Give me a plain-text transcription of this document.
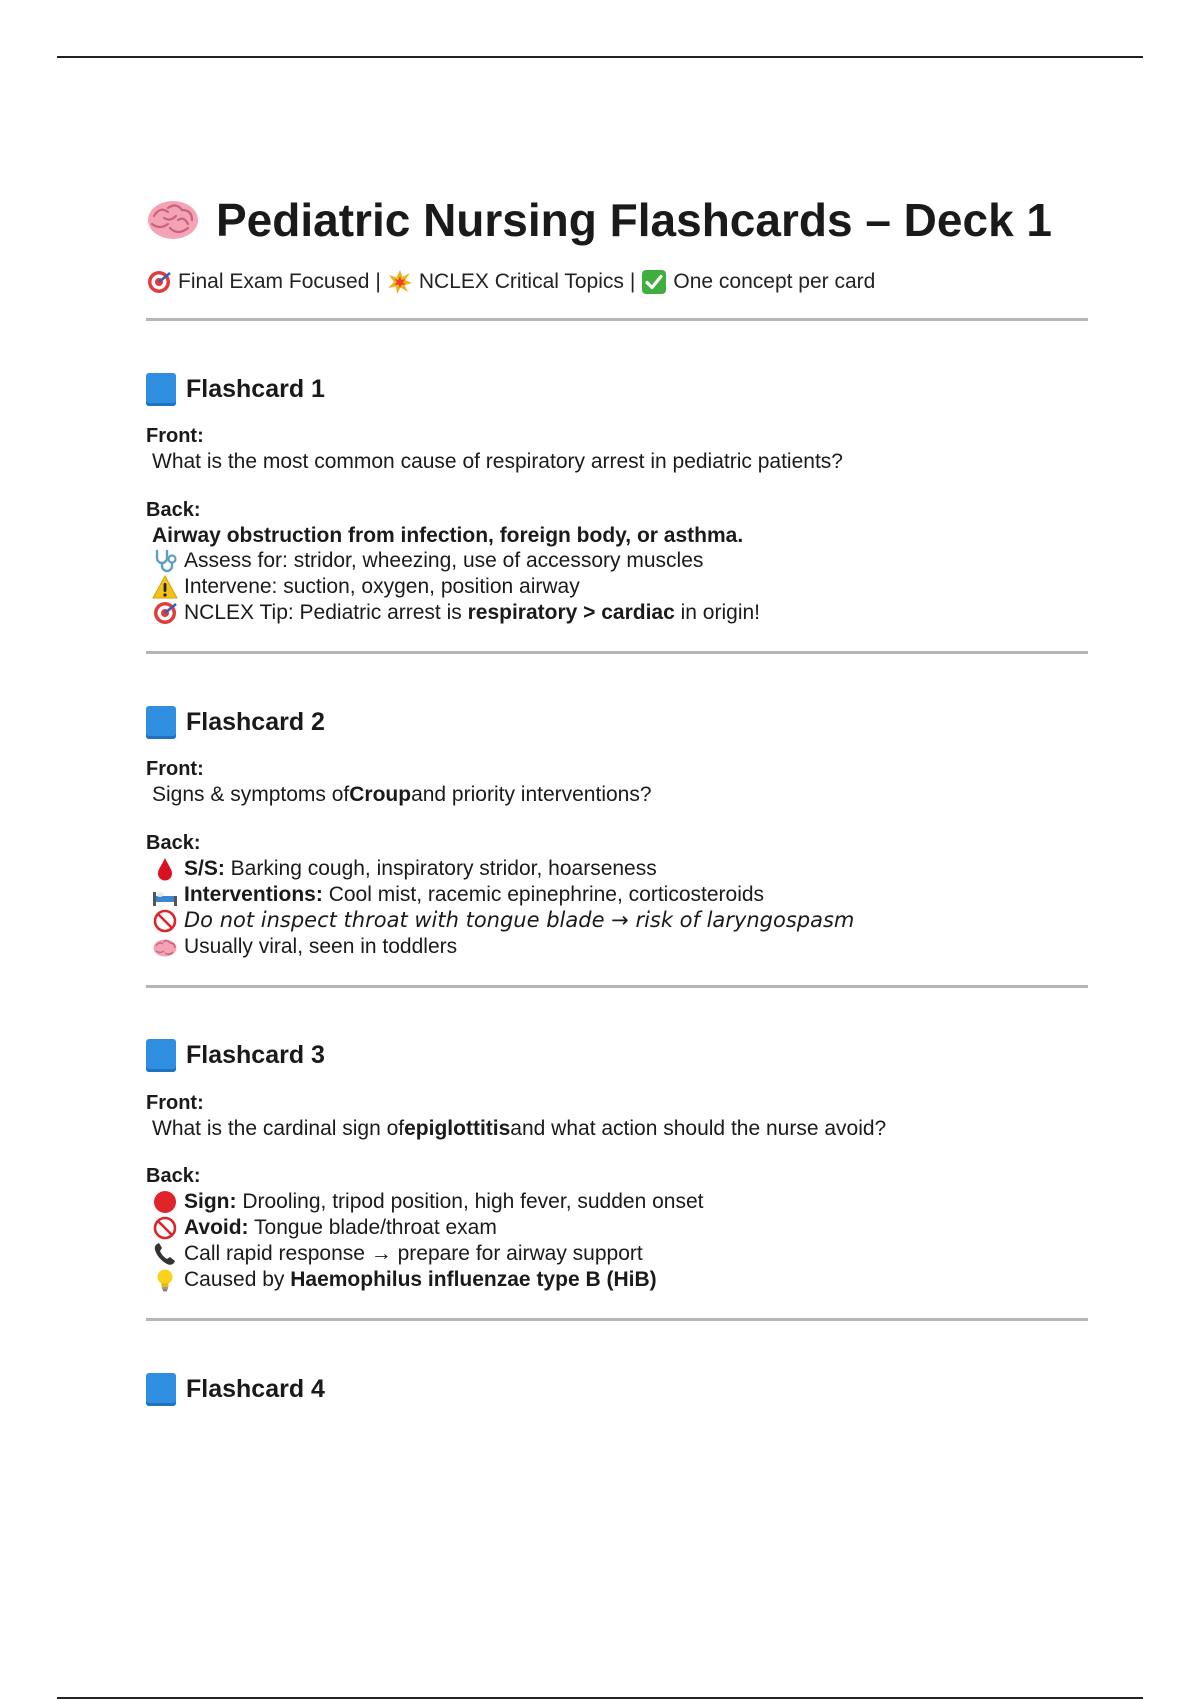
Pediatric Nursing Flashcards – Deck 1
Final Exam Focused | NCLEX Critical Topics | One concept per card
Flashcard 1
Front:
What is the most common cause of respiratory arrest in pediatric patients?
Back:
Airway obstruction from infection, foreign body, or asthma.
Assess for: stridor, wheezing, use of accessory muscles
Intervene: suction, oxygen, position airway
NCLEX Tip: Pediatric arrest is respiratory > cardiac in origin!
Flashcard 2
Front:
Signs & symptoms of Croup and priority interventions?
Back:
S/S: Barking cough, inspiratory stridor, hoarseness
Interventions: Cool mist, racemic epinephrine, corticosteroids
Do not inspect throat with tongue blade → risk of laryngospasm
Usually viral, seen in toddlers
Flashcard 3
Front:
What is the cardinal sign of epiglottitis and what action should the nurse avoid?
Back:
Sign: Drooling, tripod position, high fever, sudden onset
Avoid: Tongue blade/throat exam
Call rapid response → prepare for airway support
Caused by Haemophilus influenzae type B (HiB)
Flashcard 4
